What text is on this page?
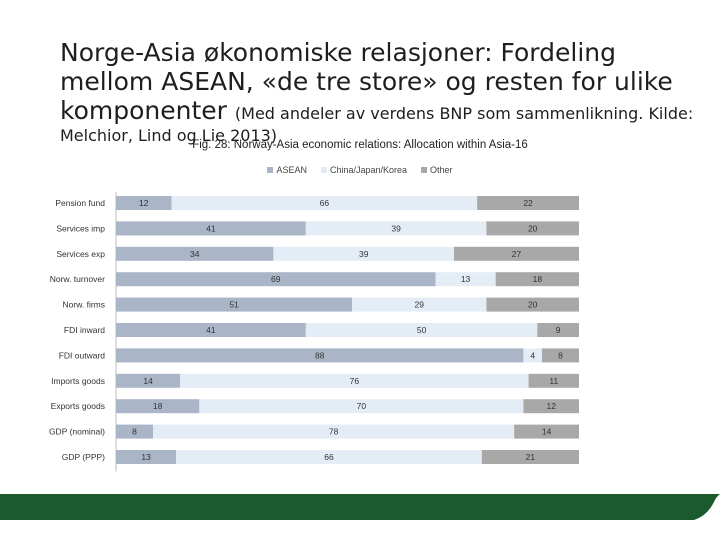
Norge-Asia økonomiske relasjoner: Fordeling mellom ASEAN, «de tre store» og resten for ulike komponenter (Med andeler av verdens BNP som sammenlikning. Kilde:
Melchior, Lind og Lie 2013)
Fig. 28: Norway-Asia economic relations: Allocation within Asia-16
ASEAN	China/Japan/Korea	Other
Pension fund	12	66	22
Services imp	41	39	20
Services exp	34	39	27
Norw. turnover	69	13	18
Norw. firms	51	29	20
FDI inward	41	50	9
FDI outward	88	4	8
Imports goods	14	76	11
Exports goods	18	70	12
GDP (nominal)	8	78	14
GDP (PPP)	13	66	21
